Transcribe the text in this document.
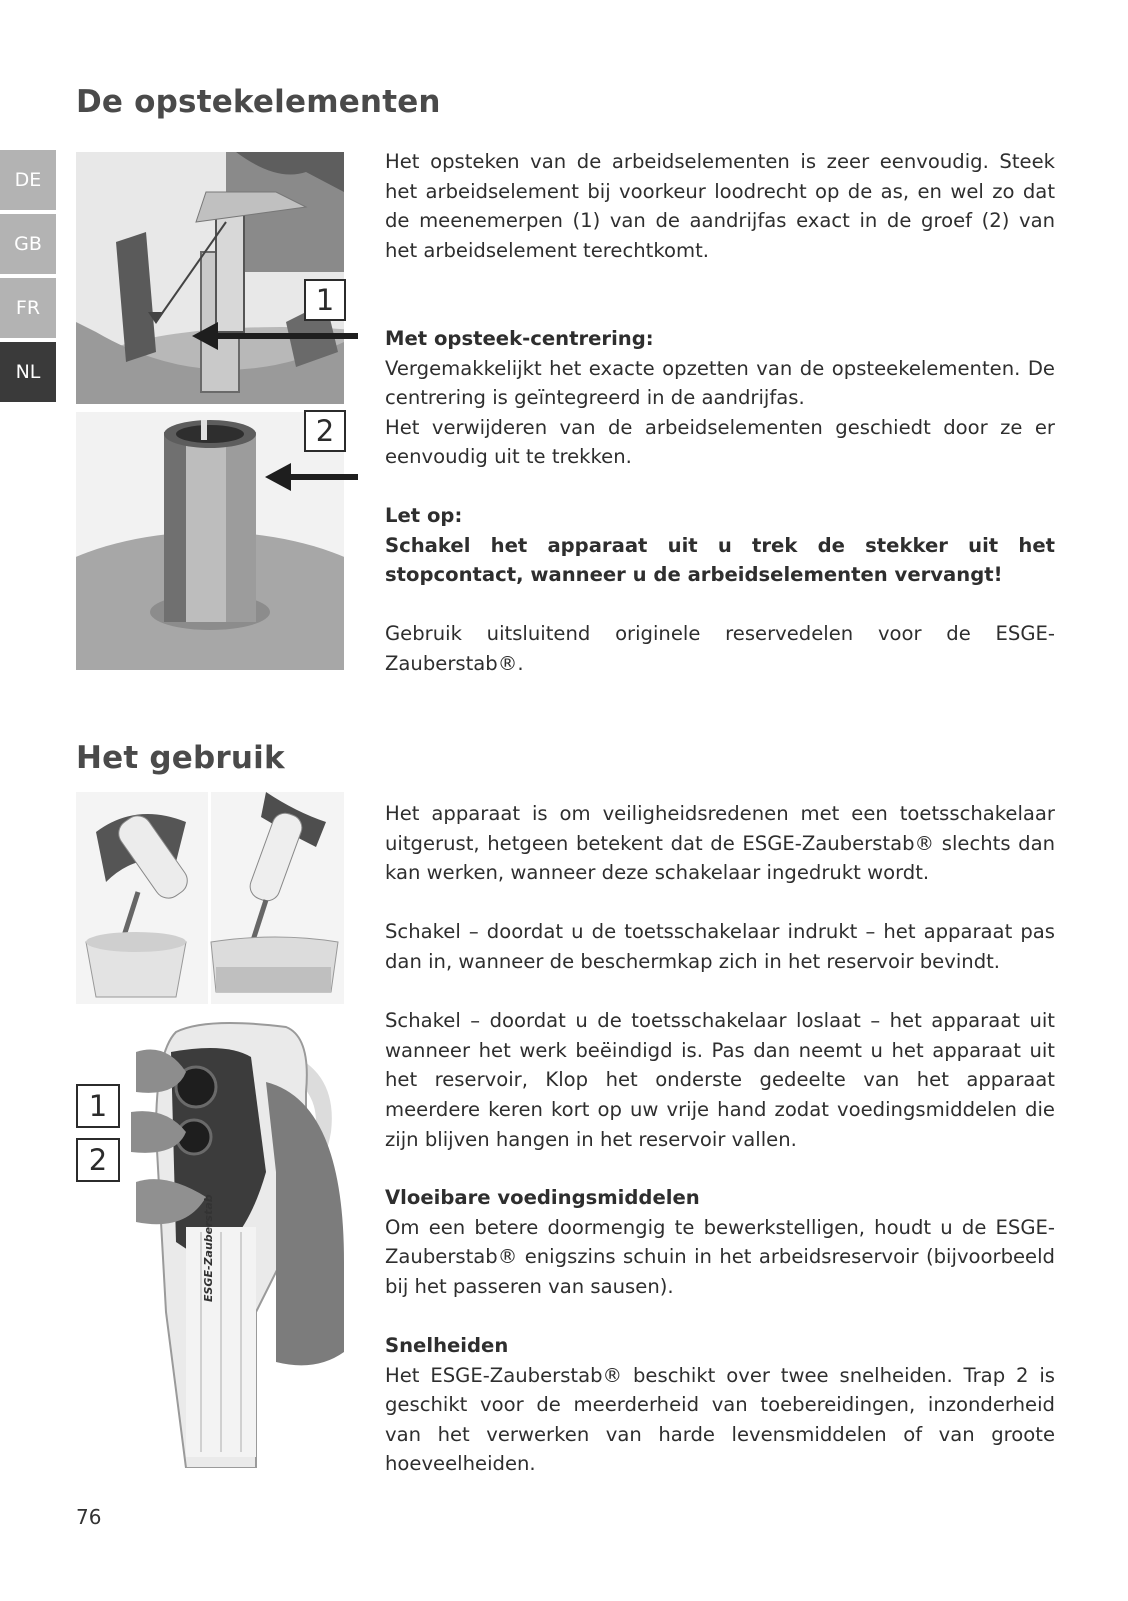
DE
GB
FR
NL
De opstekelementen
1
2

Het opsteken van de arbeidselementen is zeer eenvoudig. Steek het arbeidselement bij voorkeur loodrecht op de as, en wel zo dat de meenemerpen (1) van de aandrijfas exact in de groef (2) van het arbeidselement terechtkomt.

Met opsteek-centrering:
Vergemakkelijkt het exacte opzetten van de opsteekelementen. De centrering is geïntegreerd in de aandrijfas.
Het verwijderen van de arbeidselementen geschiedt door ze er eenvoudig uit te trekken.
Let op:
Schakel het apparaat uit u trek de stekker uit het stopcontact, wanneer u de arbeidselementen vervangt!

Gebruik uitsluitend originele reservedelen voor de ESGE-Zauberstab®.

Het gebruik
ESGE-Zauberstab
1
2

Het apparaat is om veiligheidsredenen met een toetsschakelaar uitgerust, hetgeen betekent dat de ESGE-Zauberstab® slechts dan kan werken, wanneer deze schakelaar ingedrukt wordt.

Schakel – doordat u de toetsschakelaar indrukt – het apparaat pas dan in, wanneer de beschermkap zich in het reservoir bevindt.

Schakel – doordat u de toetsschakelaar loslaat – het apparaat uit wanneer het werk beëindigd is. Pas dan neemt u het apparaat uit het reservoir, Klop het onderste gedeelte van het apparaat meerdere keren kort op uw vrije hand zodat voedingsmiddelen die zijn blijven hangen in het reservoir vallen.

Vloeibare voedingsmiddelen
Om een betere doormengig te bewerkstelligen, houdt u de ESGE-Zauberstab® enigszins schuin in het arbeidsreservoir (bijvoorbeeld bij het passeren van sausen).
Snelheiden
Het ESGE-Zauberstab® beschikt over twee snelheiden. Trap 2 is geschikt voor de meerderheid van toebereidingen, inzonderheid van het verwerken van harde levensmiddelen of van groote hoeveelheiden.
76
